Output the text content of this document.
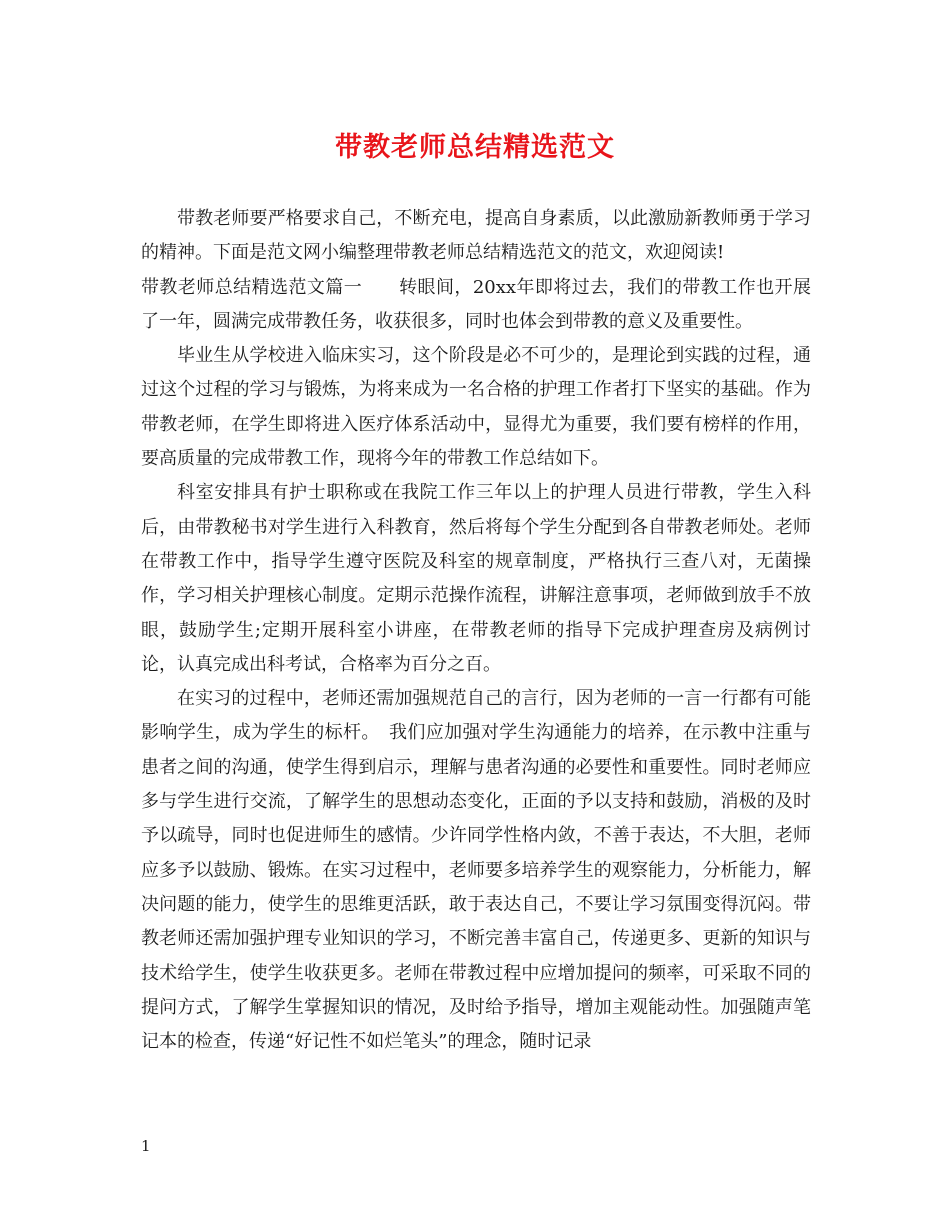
带教老师总结精选范文

带教老师要严格要求自己，不断充电，提高自身素质，以此激励新教师勇于学习的精神。下面是范文网小编整理带教老师总结精选范文的范文，欢迎阅读!

带教老师总结精选范文篇一　　转眼间，20xx年即将过去，我们的带教工作也开展了一年，圆满完成带教任务，收获很多，同时也体会到带教的意义及重要性。

毕业生从学校进入临床实习，这个阶段是必不可少的，是理论到实践的过程，通过这个过程的学习与锻炼，为将来成为一名合格的护理工作者打下坚实的基础。作为带教老师，在学生即将进入医疗体系活动中，显得尤为重要，我们要有榜样的作用，要高质量的完成带教工作，现将今年的带教工作总结如下。

科室安排具有护士职称或在我院工作三年以上的护理人员进行带教，学生入科后，由带教秘书对学生进行入科教育，然后将每个学生分配到各自带教老师处。老师在带教工作中，指导学生遵守医院及科室的规章制度，严格执行三查八对，无菌操作，学习相关护理核心制度。定期示范操作流程，讲解注意事项，老师做到放手不放眼，鼓励学生;定期开展科室小讲座，在带教老师的指导下完成护理查房及病例讨论，认真完成出科考试，合格率为百分之百。

在实习的过程中，老师还需加强规范自己的言行，因为老师的一言一行都有可能影响学生，成为学生的标杆。　我们应加强对学生沟通能力的培养，在示教中注重与患者之间的沟通，使学生得到启示，理解与患者沟通的必要性和重要性。同时老师应多与学生进行交流，了解学生的思想动态变化，正面的予以支持和鼓励，消极的及时予以疏导，同时也促进师生的感情。少许同学性格内敛，不善于表达，不大胆，老师应多予以鼓励、锻炼。在实习过程中，老师要多培养学生的观察能力，分析能力，解决问题的能力，使学生的思维更活跃，敢于表达自己，不要让学习氛围变得沉闷。带教老师还需加强护理专业知识的学习，不断完善丰富自己，传递更多、更新的知识与技术给学生，使学生收获更多。老师在带教过程中应增加提问的频率，可采取不同的提问方式，了解学生掌握知识的情况，及时给予指导，增加主观能动性。加强随声笔记本的检查，传递“好记性不如烂笔头”的理念，随时记录

1
